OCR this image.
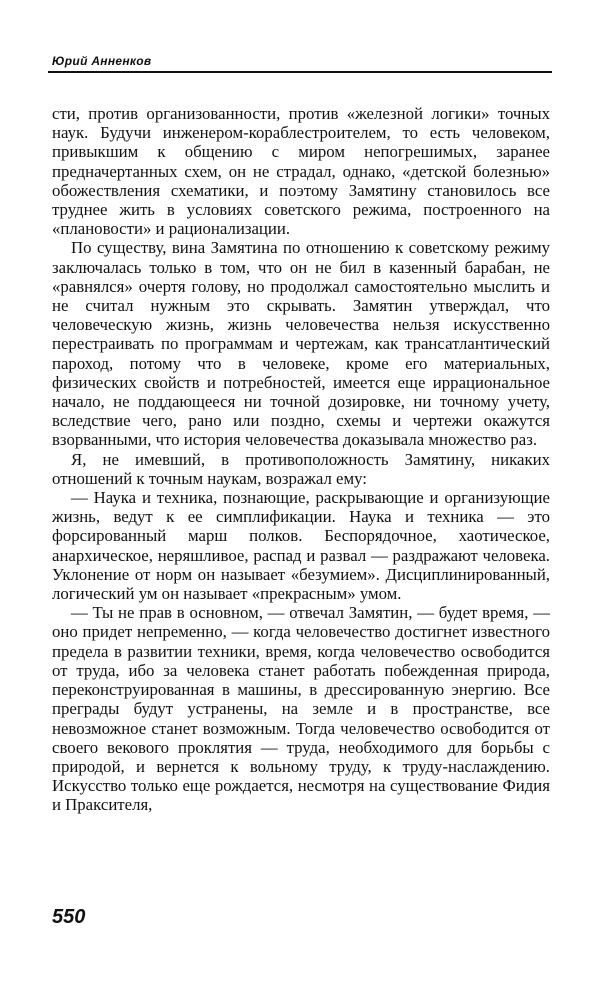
Юрий Анненков

сти, против организованности, против «железной логики» точных наук. Будучи инженером-кораблестроителем, то есть человеком, привыкшим к общению с миром непогрешимых, заранее предначертанных схем, он не страдал, однако, «детской болезнью» обожествления схематики, и поэтому Замятину становилось все труднее жить в условиях советского режима, построенного на «плановости» и рационализации.

По существу, вина Замятина по отношению к советскому режиму заключалась только в том, что он не бил в казенный барабан, не «равнялся» очертя голову, но продолжал самостоятельно мыслить и не считал нужным это скрывать. Замятин утверждал, что человеческую жизнь, жизнь человечества нельзя искусственно перестраивать по программам и чертежам, как трансатлантический пароход, потому что в человеке, кроме его материальных, физических свойств и потребностей, имеется еще иррациональное начало, не поддающееся ни точной дозировке, ни точному учету, вследствие чего, рано или поздно, схемы и чертежи окажутся взорванными, что история человечества доказывала множество раз.

Я, не имевший, в противоположность Замятину, никаких отношений к точным наукам, возражал ему:

— Наука и техника, познающие, раскрывающие и организующие жизнь, ведут к ее симплификации. Наука и техника — это форсированный марш полков. Беспорядочное, хаотическое, анархическое, неряшливое, распад и развал — раздражают человека. Уклонение от норм он называет «безумием». Дисциплинированный, логический ум он называет «прекрасным» умом.

— Ты не прав в основном, — отвечал Замятин, — будет время, — оно придет непременно, — когда человечество достигнет известного предела в развитии техники, время, когда человечество освободится от труда, ибо за человека станет работать побежденная природа, переконструированная в машины, в дрессированную энергию. Все преграды будут устранены, на земле и в пространстве, все невозможное станет возможным. Тогда человечество освободится от своего векового проклятия — труда, необходимого для борьбы с природой, и вернется к вольному труду, к труду-наслаждению. Искусство только еще рождается, несмотря на существование Фидия и Праксителя,

550
